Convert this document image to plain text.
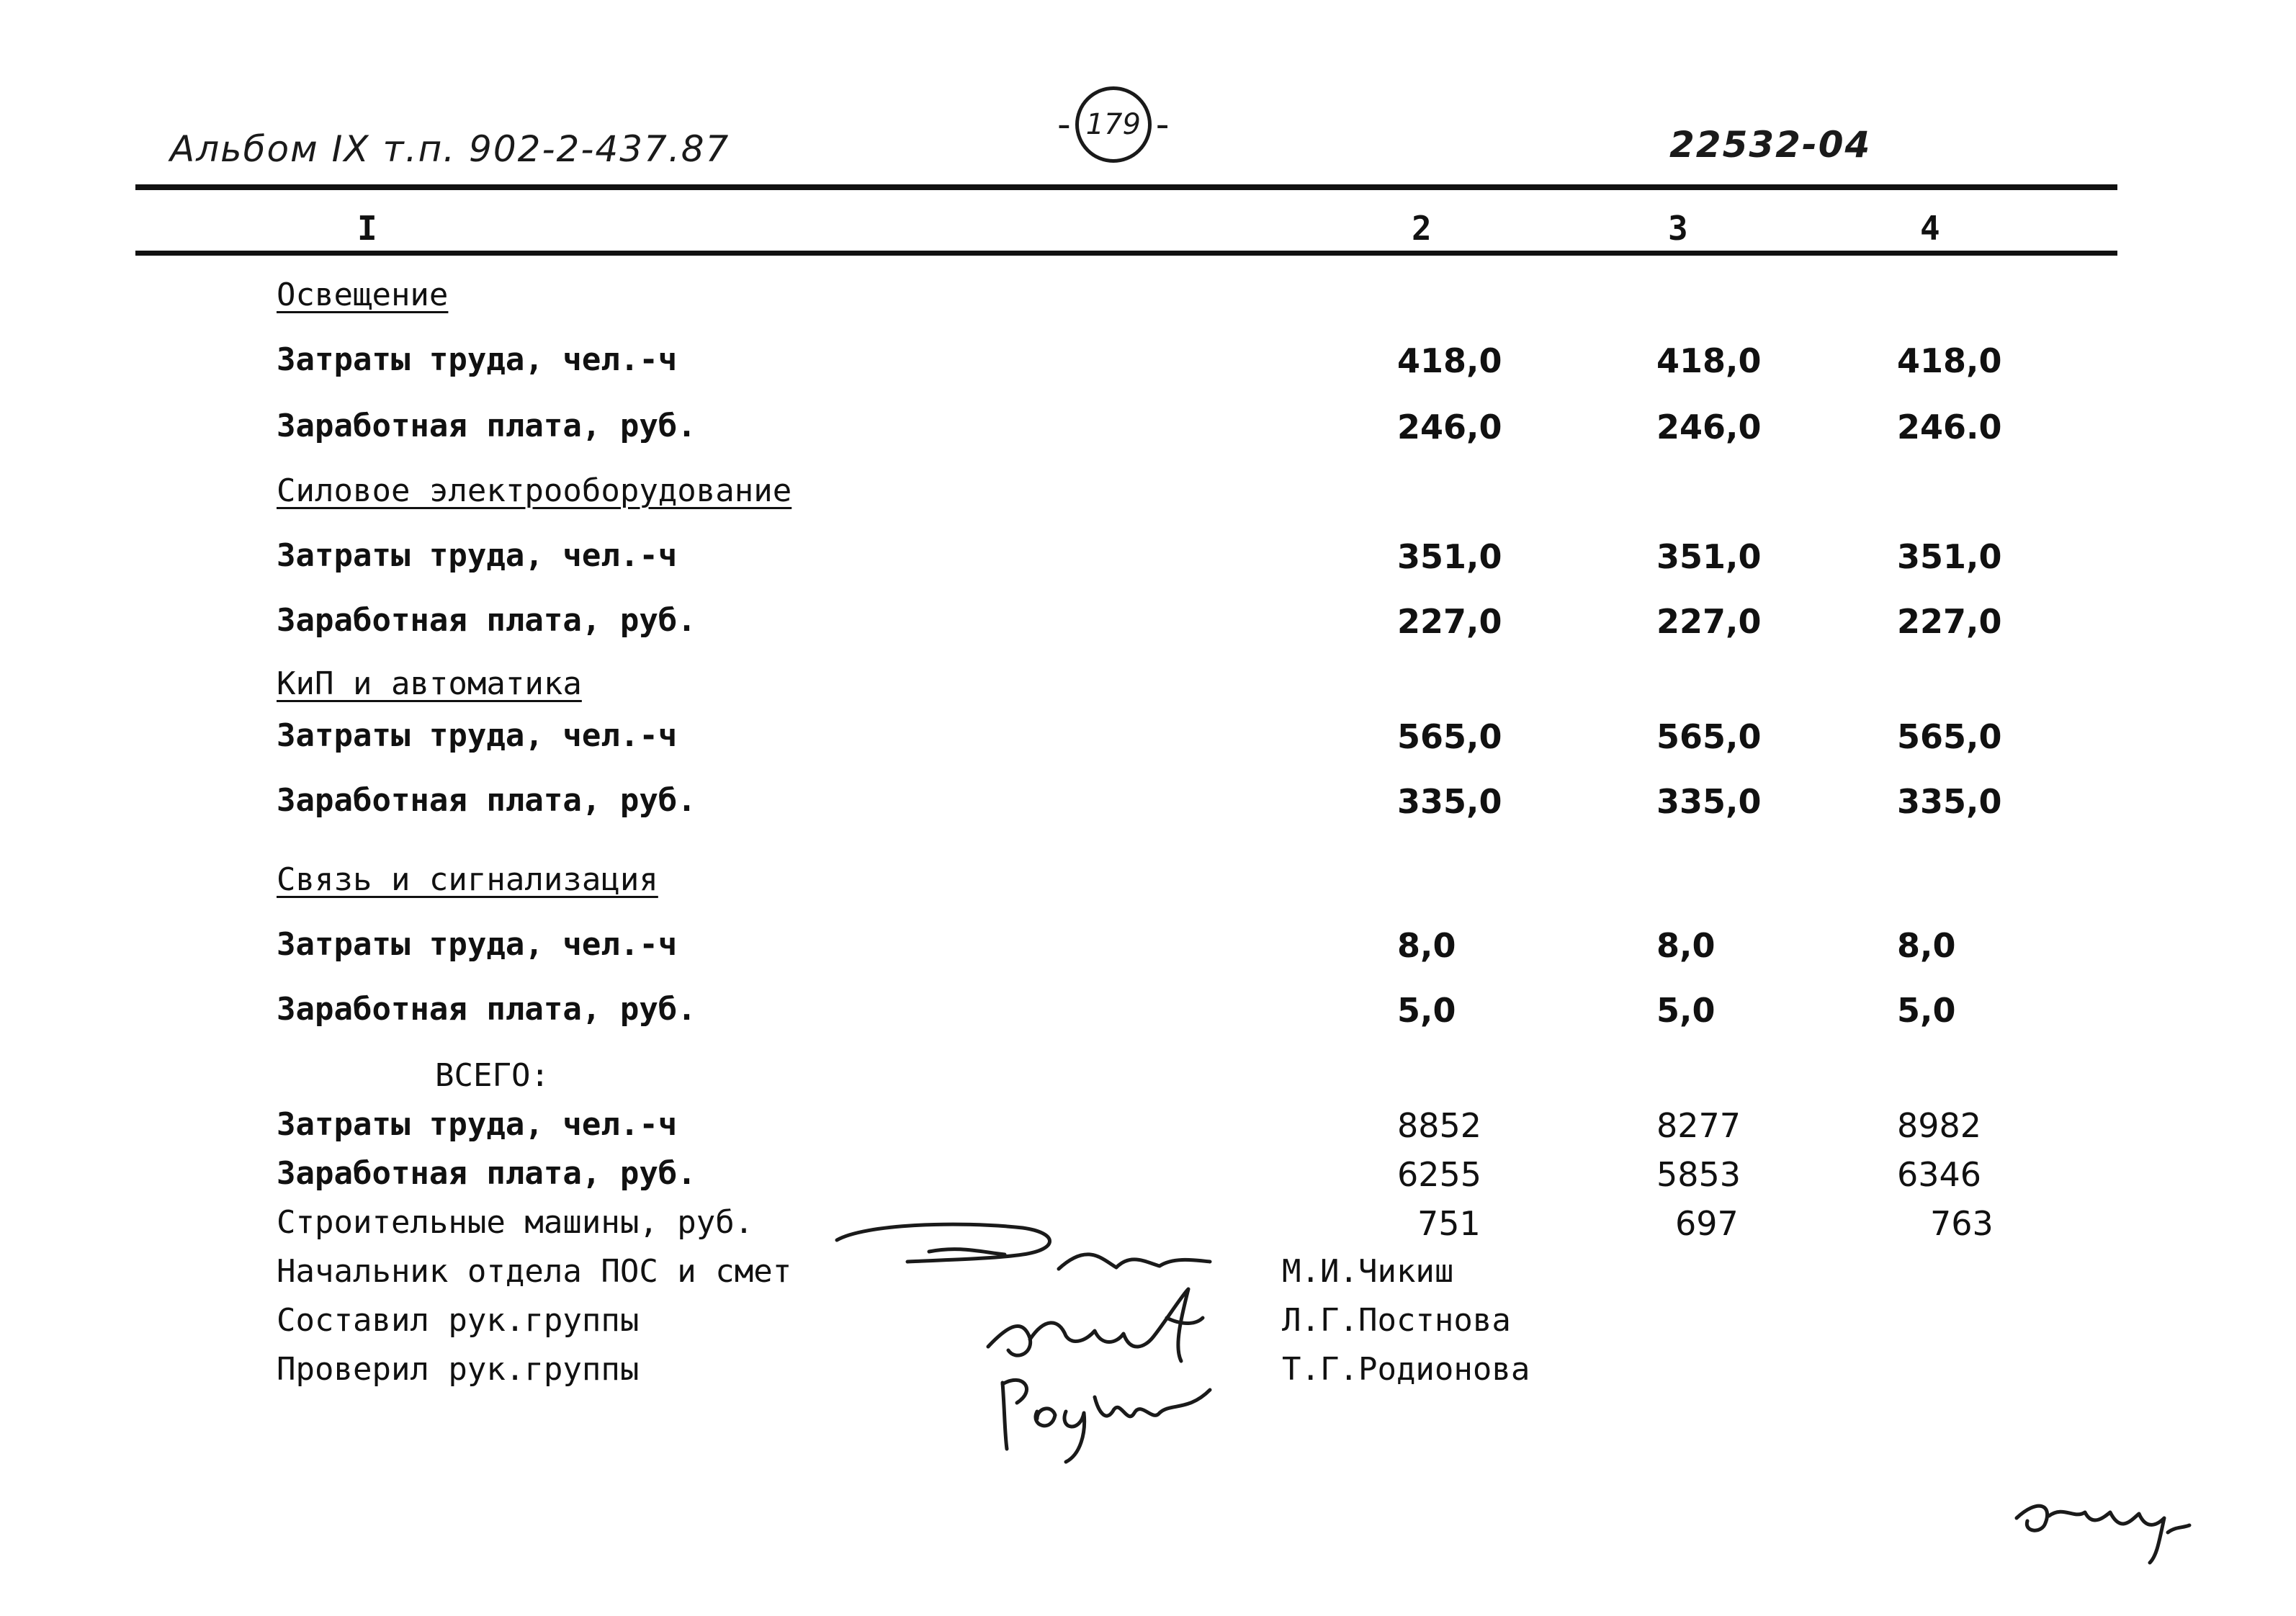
Альбом IX т.п. 902-2-437.87
- 179 -	22532-04
I	2	3	4
Освещение
Затраты труда, чел.-ч	418,0	418,0	418,0
Заработная плата, руб.	246,0	246,0	246.0
Силовое электрооборудование
Затраты труда, чел.-ч	351,0	351,0	351,0
Заработная плата, руб.	227,0	227,0	227,0
КиП и автоматика
Затраты труда, чел.-ч	565,0	565,0	565,0
Заработная плата, руб.	335,0	335,0	335,0
Связь и сигнализация
Затраты труда, чел.-ч	8,0	8,0	8,0
Заработная плата, руб.	5,0	5,0	5,0
ВСЕГО:
Затраты труда, чел.-ч	8852	8277	8982
Заработная плата, руб.	6255	5853	6346
Строительные машины, руб.	751	697	763
Начальник отдела ПОС и смет	М.И.Чикиш
Составил рук.группы	Л.Г.Постнова
Проверил рук.группы	Т.Г.Родионова
